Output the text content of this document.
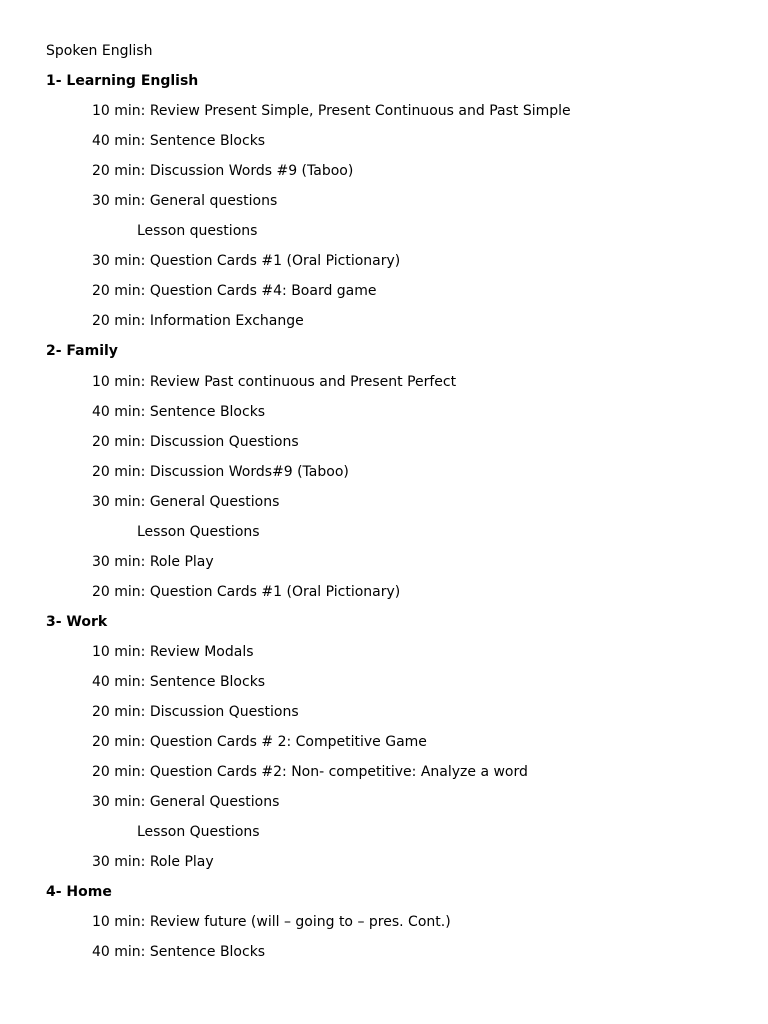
Spoken English
1- Learning English
10 min: Review Present Simple, Present Continuous and Past Simple
40 min: Sentence Blocks
20 min: Discussion Words #9 (Taboo)
30 min: General questions
Lesson questions
30 min: Question Cards #1 (Oral Pictionary)
20 min: Question Cards #4: Board game
20 min: Information Exchange
2- Family
10 min: Review Past continuous and Present Perfect
40 min: Sentence Blocks
20 min: Discussion Questions
20 min: Discussion Words#9 (Taboo)
30 min: General Questions
Lesson Questions
30 min: Role Play
20 min: Question Cards #1 (Oral Pictionary)
3- Work
10 min: Review Modals
40 min: Sentence Blocks
20 min: Discussion Questions
20 min: Question Cards # 2: Competitive Game
20 min: Question Cards #2: Non- competitive: Analyze a word
30 min: General Questions
Lesson Questions
30 min: Role Play
4- Home
10 min: Review future (will – going to – pres. Cont.)
40 min: Sentence Blocks
